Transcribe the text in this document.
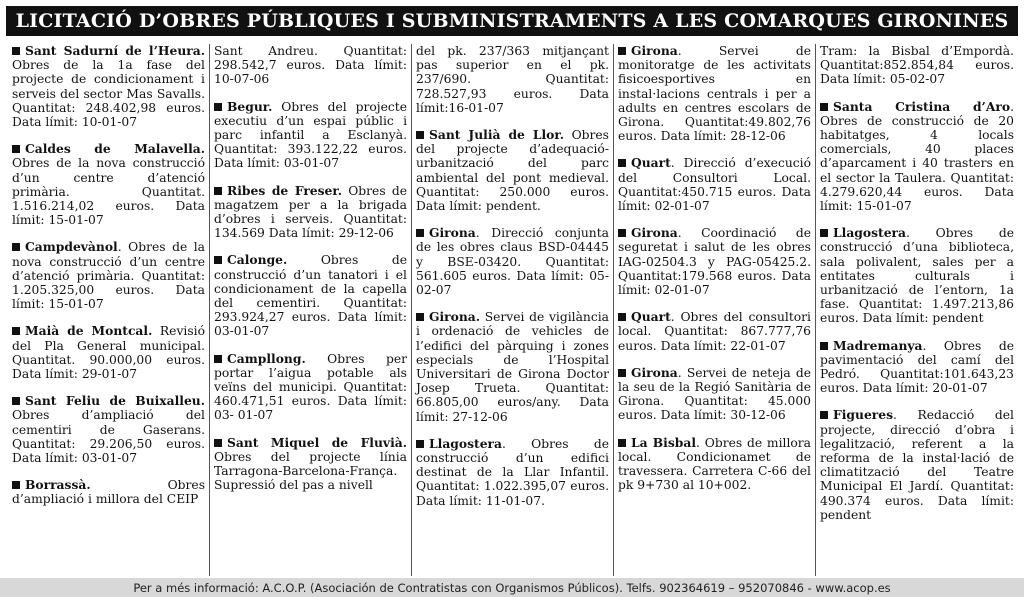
LICITACIÓ D’OBRES PÚBLIQUES I SUBMINISTRAMENTS A LES COMARQUES GIRONINES

Sant Sadurní de l’Heura. Obres de la 1a fase del projecte de condicionament i serveis del sector Mas Savalls. Quantitat: 248.402,98 euros. Data límit: 10-01-07

Caldes de Malavella. Obres de la nova construcció d’un centre d’atenció primària. Quantitat. 1.516.214,02 euros. Data límit: 15-01-07

Campdevànol. Obres de la nova construcció d’un centre d’atenció primària. Quantitat: 1.205.325,00 euros. Data límit: 15-01-07

Maià de Montcal. Revisió del Pla General municipal. Quantitat. 90.000,00 euros. Data límit: 29-01-07

Sant Feliu de Buixalleu. Obres d’ampliació del cementiri de Gaserans. Quantitat: 29.206,50 euros. Data límit: 03-01-07

Borrassà. Obres d’ampliació i millora del CEIP

Sant Andreu. Quantitat: 298.542,7 euros. Data límit: 10-07-06

Begur. Obres del projecte executiu d’un espai públic i parc infantil a Esclanyà. Quantitat: 393.122,22 euros. Data límit: 03-01-07

Ribes de Freser. Obres de magatzem per a la brigada d’obres i serveis. Quantitat: 134.569 Data límit: 29-12-06

Calonge. Obres de construcció d’un tanatori i el condicionament de la capella del cementiri. Quantitat: 293.924,27 euros. Data límit: 03-01-07

Campllong. Obres per portar l’aigua potable als veïns del municipi. Quantitat: 460.471,51 euros. Data límit: 03- 01-07

Sant Miquel de Fluvià. Obres del projecte línia Tarragona-Barcelona-França. Supressió del pas a nivell

del pk. 237/363 mitjançant pas superior en el pk. 237/690. Quantitat: 728.527,93 euros. Data límit:16-01-07

Sant Julià de Llor. Obres del projecte d’adequació-urbanització del parc ambiental del pont medieval. Quantitat: 250.000 euros. Data límit: pendent.

Girona. Direcció conjunta de les obres claus BSD-04445 y BSE-03420. Quantitat: 561.605 euros. Data límit: 05-02-07

Girona. Servei de vigilància i ordenació de vehicles de l’edifici del pàrquing i zones especials de l’Hospital Universitari de Girona Doctor Josep Trueta. Quantitat: 66.805,00 euros/any. Data límit: 27-12-06

Llagostera. Obres de construcció d’un edifici destinat de la Llar Infantil. Quantitat: 1.022.395,07 euros. Data límit: 11-01-07.

Girona. Servei de monitoratge de les activitats fisicoesportives en instal·lacions centrals i per a adults en centres escolars de Girona. Quantitat:49.802,76 euros. Data límit: 28-12-06

Quart. Direcció d’execució del Consultori Local. Quantitat:450.715 euros. Data límit: 02-01-07

Girona. Coordinació de seguretat i salut de les obres IAG-02504.3 y PAG-05425.2. Quantitat:179.568 euros. Data límit: 02-01-07

Quart. Obres del consultori local. Quantitat: 867.777,76 euros. Data límit: 22-01-07

Girona. Servei de neteja de la seu de la Regió Sanitària de Girona. Quantitat: 45.000 euros. Data límit: 30-12-06

La Bisbal. Obres de millora local. Condicionamet de travessera. Carretera C-66 del pk 9+730 al 10+002.

Tram: la Bisbal d’Empordà. Quantitat:852.854,84 euros. Data límit: 05-02-07

Santa Cristina d’Aro. Obres de construcció de 20 habitatges, 4 locals comercials, 40 places d’aparcament i 40 trasters en el sector la Taulera. Quantitat: 4.279.620,44 euros. Data límit: 15-01-07

Llagostera. Obres de construcció d’una biblioteca, sala polivalent, sales per a entitates culturals i urbanització de l’entorn, 1a fase. Quantitat: 1.497.213,86 euros. Data límit: pendent

Madremanya. Obres de pavimentació del camí del Pedró. Quantitat:101.643,23 euros. Data límit: 20-01-07

Figueres. Redacció del projecte, direcció d’obra i legalització, referent a la reforma de la instal·lació de climatització del Teatre Municipal El Jardí. Quantitat: 490.374 euros. Data límit: pendent

Per a més informació: A.C.O.P. (Asociación de Contratistas con Organismos Públicos). Telfs. 902364619 – 952070846 - www.acop.es
